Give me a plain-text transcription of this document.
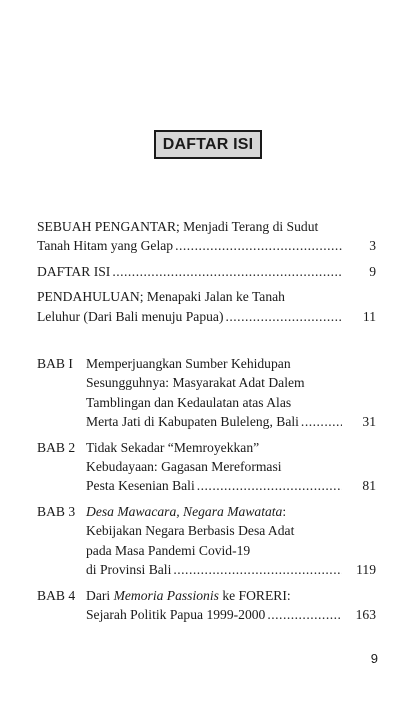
DAFTAR ISI
SEBUAH PENGANTAR; Menjadi Terang di Sudut
Tanah Hitam yang Gelap .....	3
DAFTAR ISI .....	9
PENDAHULUAN; Menapaki Jalan ke Tanah
Leluhur (Dari Bali menuju Papua) .....	11
BAB I Memperjuangkan Sumber Kehidupan
Sesungguhnya: Masyarakat Adat Dalem
Tamblingan dan Kedaulatan atas Alas
Merta Jati di Kabupaten Buleleng, Bali .....	31
BAB 2 Tidak Sekadar “Memroyekkan”
Kebudayaan: Gagasan Mereformasi
Pesta Kesenian Bali .....	81
BAB 3 Desa Mawacara, Negara Mawatata:
Kebijakan Negara Berbasis Desa Adat
pada Masa Pandemi Covid-19
di Provinsi Bali .....	119
BAB 4 Dari Memoria Passionis ke FORERI:
Sejarah Politik Papua 1999-2000 .....	163
9
